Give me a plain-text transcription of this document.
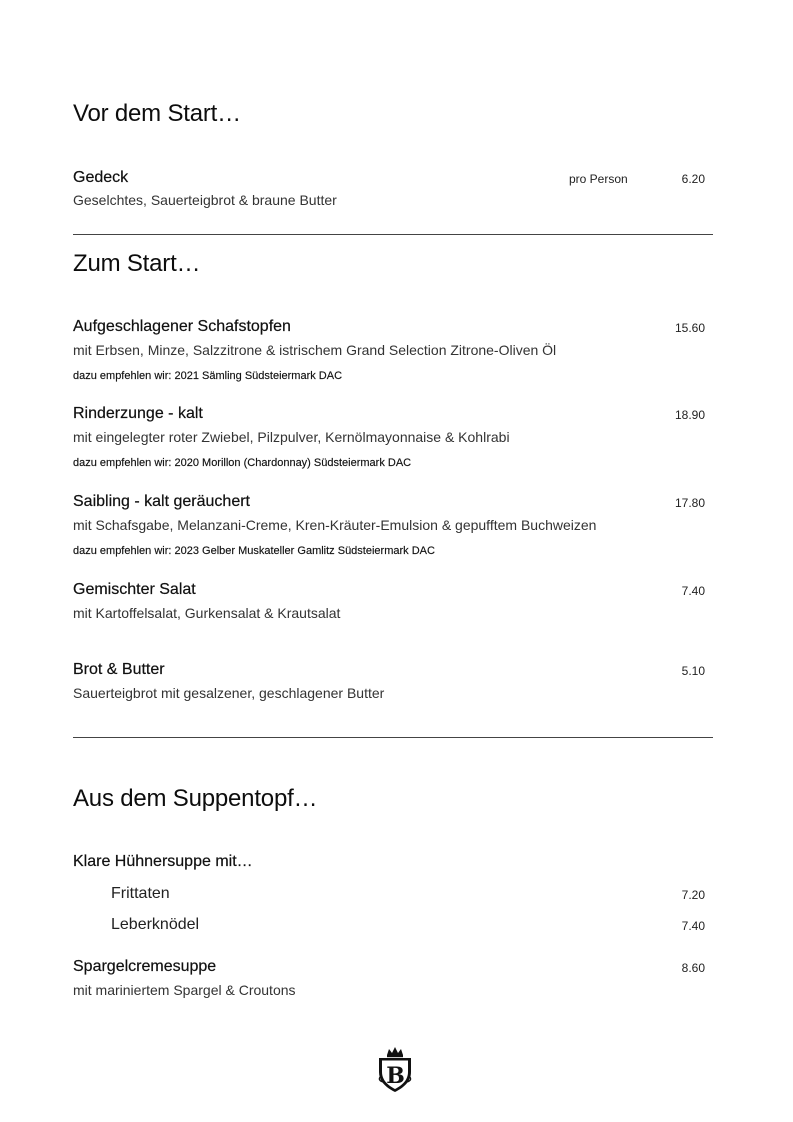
Vor dem Start…
Gedeck	pro Person	6.20
Geselchtes, Sauerteigbrot & braune Butter
Zum Start…
Aufgeschlagener Schafstopfen	15.60
mit Erbsen, Minze, Salzzitrone & istrischem Grand Selection Zitrone-Oliven Öl
dazu empfehlen wir: 2021 Sämling Südsteiermark DAC
Rinderzunge - kalt	18.90
mit eingelegter roter Zwiebel, Pilzpulver, Kernölmayonnaise & Kohlrabi
dazu empfehlen wir: 2020 Morillon (Chardonnay) Südsteiermark DAC
Saibling - kalt geräuchert	17.80
mit Schafsgabe, Melanzani-Creme, Kren-Kräuter-Emulsion & gepufftem Buchweizen
dazu empfehlen wir: 2023 Gelber Muskateller Gamlitz Südsteiermark DAC
Gemischter Salat	7.40
mit Kartoffelsalat, Gurkensalat & Krautsalat
Brot & Butter	5.10
Sauerteigbrot mit gesalzener, geschlagener Butter
Aus dem Suppentopf…
Klare Hühnersuppe mit…
Frittaten	7.20
Leberknödel	7.40
Spargelcremesuppe	8.60
mit mariniertem Spargel & Croutons
B
